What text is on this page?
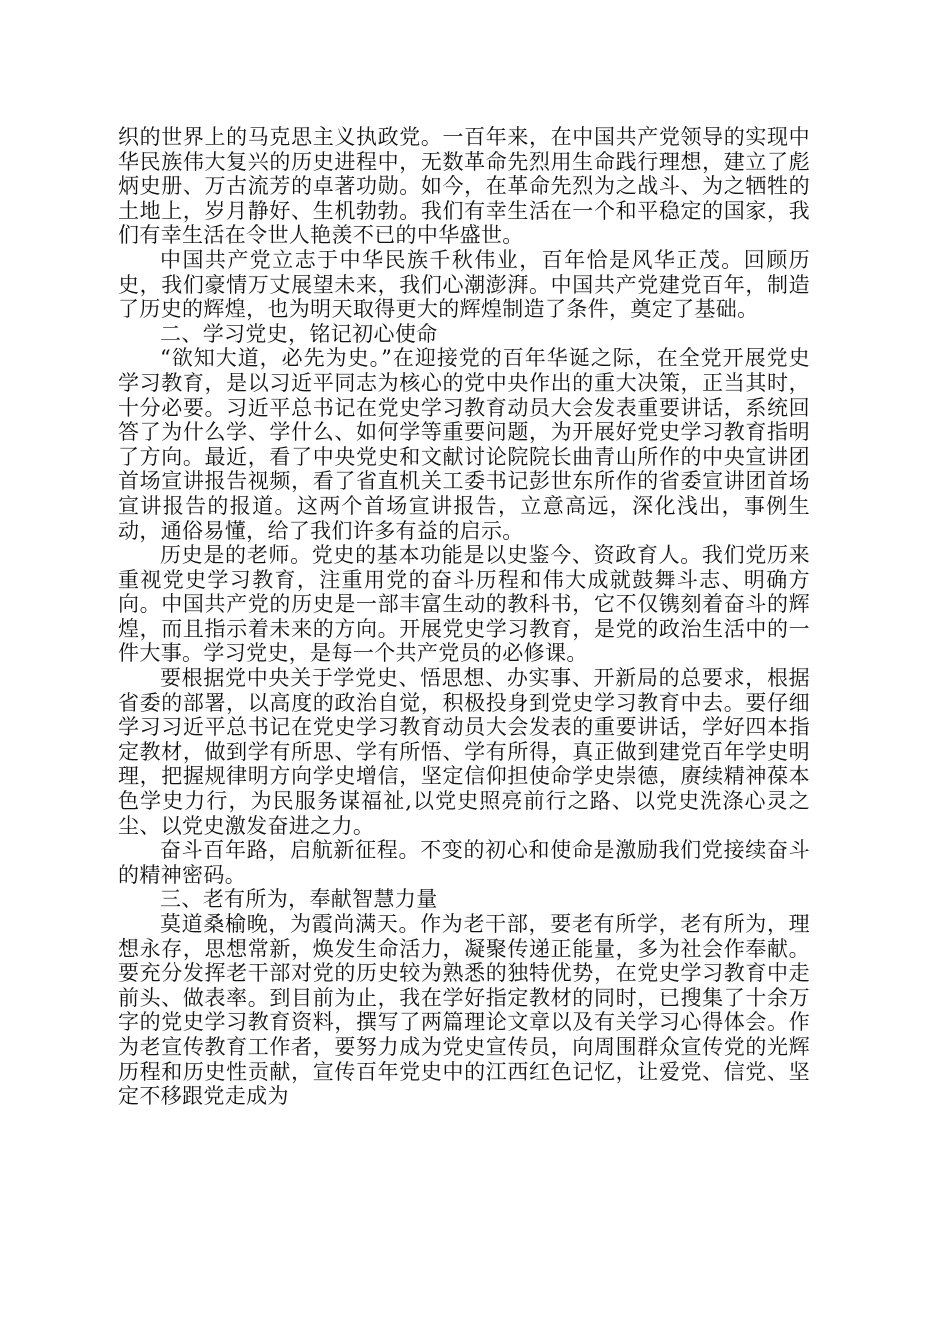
织的世界上的马克思主义执政党。一百年来，在中国共产党领导的实现中华民族伟大复兴的历史进程中，无数革命先烈用生命践行理想，建立了彪炳史册、万古流芳的卓著功勋。如今，在革命先烈为之战斗、为之牺牲的土地上，岁月静好、生机勃勃。我们有幸生活在一个和平稳定的国家，我们有幸生活在令世人艳羡不已的中华盛世。

中国共产党立志于中华民族千秋伟业，百年恰是风华正茂。回顾历史，我们豪情万丈展望未来，我们心潮澎湃。中国共产党建党百年，制造了历史的辉煌，也为明天取得更大的辉煌制造了条件，奠定了基础。

二、学习党史，铭记初心使命

“欲知大道，必先为史。”在迎接党的百年华诞之际，在全党开展党史学习教育，是以习近平同志为核心的党中央作出的重大决策，正当其时，十分必要。习近平总书记在党史学习教育动员大会发表重要讲话，系统回答了为什么学、学什么、如何学等重要问题，为开展好党史学习教育指明了方向。最近，看了中央党史和文献讨论院院长曲青山所作的中央宣讲团首场宣讲报告视频，看了省直机关工委书记彭世东所作的省委宣讲团首场宣讲报告的报道。这两个首场宣讲报告，立意高远，深化浅出，事例生动，通俗易懂，给了我们许多有益的启示。

历史是的老师。党史的基本功能是以史鉴今、资政育人。我们党历来重视党史学习教育，注重用党的奋斗历程和伟大成就鼓舞斗志、明确方向。中国共产党的历史是一部丰富生动的教科书，它不仅镌刻着奋斗的辉煌，而且指示着未来的方向。开展党史学习教育，是党的政治生活中的一件大事。学习党史，是每一个共产党员的必修课。

要根据党中央关于学党史、悟思想、办实事、开新局的总要求，根据省委的部署，以高度的政治自觉，积极投身到党史学习教育中去。要仔细学习习近平总书记在党史学习教育动员大会发表的重要讲话，学好四本指定教材，做到学有所思、学有所悟、学有所得，真正做到建党百年学史明理，把握规律明方向学史增信，坚定信仰担使命学史崇德，赓续精神葆本色学史力行，为民服务谋福祉,以党史照亮前行之路、以党史洗涤心灵之尘、以党史激发奋进之力。

奋斗百年路，启航新征程。不变的初心和使命是激励我们党接续奋斗的精神密码。

三、老有所为，奉献智慧力量

莫道桑榆晚，为霞尚满天。作为老干部，要老有所学，老有所为，理想永存，思想常新，焕发生命活力，凝聚传递正能量，多为社会作奉献。要充分发挥老干部对党的历史较为熟悉的独特优势，在党史学习教育中走前头、做表率。到目前为止，我在学好指定教材的同时，已搜集了十余万字的党史学习教育资料，撰写了两篇理论文章以及有关学习心得体会。作为老宣传教育工作者，要努力成为党史宣传员，向周围群众宣传党的光辉历程和历史性贡献，宣传百年党史中的江西红色记忆，让爱党、信党、坚定不移跟党走成为
